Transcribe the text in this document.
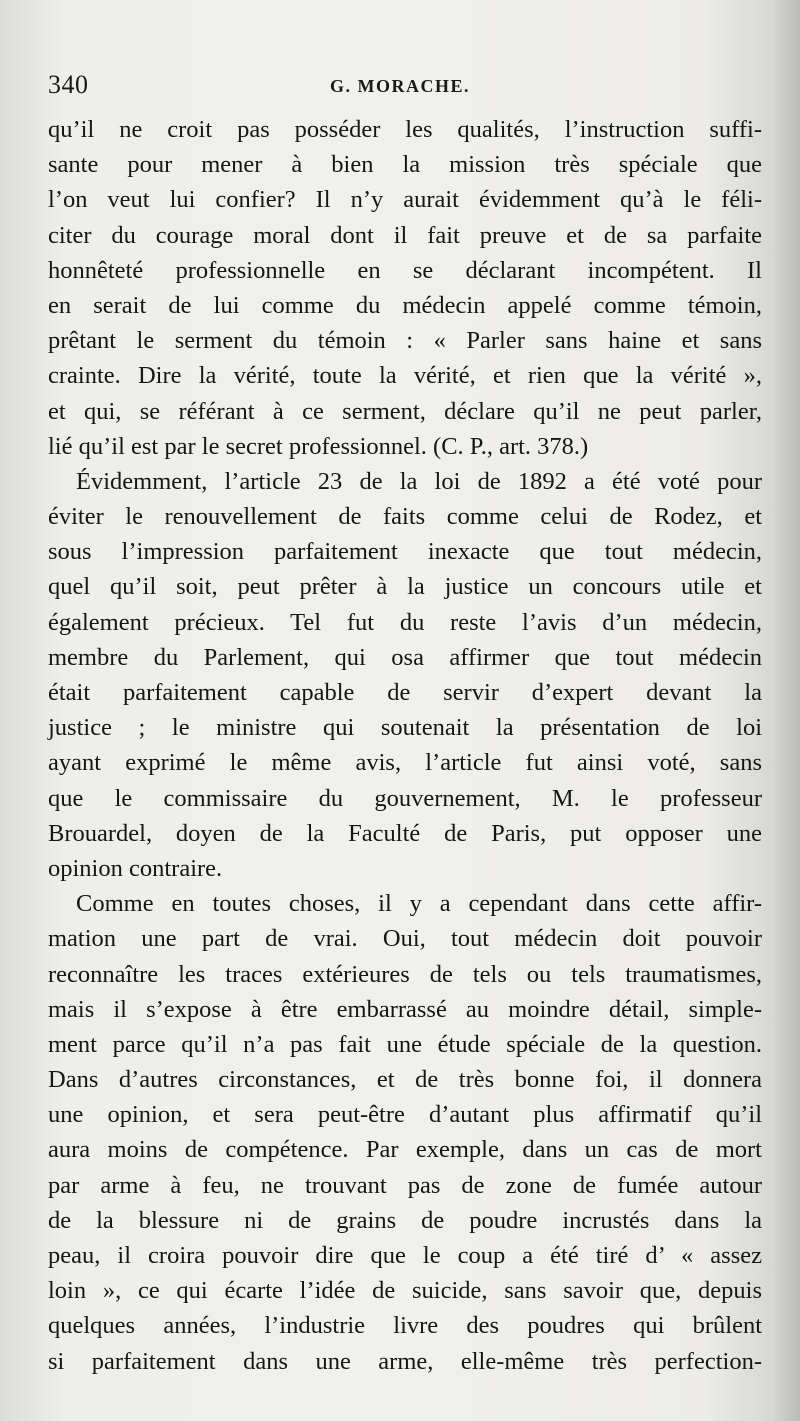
340	G. MORACHE.
qu’il ne croit pas posséder les qualités, l’instruction suffi-
sante pour mener à bien la mission très spéciale que
l’on veut lui confier? Il n’y aurait évidemment qu’à le féli-
citer du courage moral dont il fait preuve et de sa parfaite
honnêteté professionnelle en se déclarant incompétent. Il
en serait de lui comme du médecin appelé comme témoin,
prêtant le serment du témoin : « Parler sans haine et sans
crainte. Dire la vérité, toute la vérité, et rien que la vérité »,
et qui, se référant à ce serment, déclare qu’il ne peut parler,
lié qu’il est par le secret professionnel. (C. P., art. 378.)
Évidemment, l’article 23 de la loi de 1892 a été voté pour
éviter le renouvellement de faits comme celui de Rodez, et
sous l’impression parfaitement inexacte que tout médecin,
quel qu’il soit, peut prêter à la justice un concours utile et
également précieux. Tel fut du reste l’avis d’un médecin,
membre du Parlement, qui osa affirmer que tout médecin
était parfaitement capable de servir d’expert devant la
justice ; le ministre qui soutenait la présentation de loi
ayant exprimé le même avis, l’article fut ainsi voté, sans
que le commissaire du gouvernement, M. le professeur
Brouardel, doyen de la Faculté de Paris, put opposer une
opinion contraire.
Comme en toutes choses, il y a cependant dans cette affir-
mation une part de vrai. Oui, tout médecin doit pouvoir
reconnaître les traces extérieures de tels ou tels traumatismes,
mais il s’expose à être embarrassé au moindre détail, simple-
ment parce qu’il n’a pas fait une étude spéciale de la question.
Dans d’autres circonstances, et de très bonne foi, il donnera
une opinion, et sera peut-être d’autant plus affirmatif qu’il
aura moins de compétence. Par exemple, dans un cas de mort
par arme à feu, ne trouvant pas de zone de fumée autour
de la blessure ni de grains de poudre incrustés dans la
peau, il croira pouvoir dire que le coup a été tiré d’ « assez
loin », ce qui écarte l’idée de suicide, sans savoir que, depuis
quelques années, l’industrie livre des poudres qui brûlent
si parfaitement dans une arme, elle-même très perfection-
